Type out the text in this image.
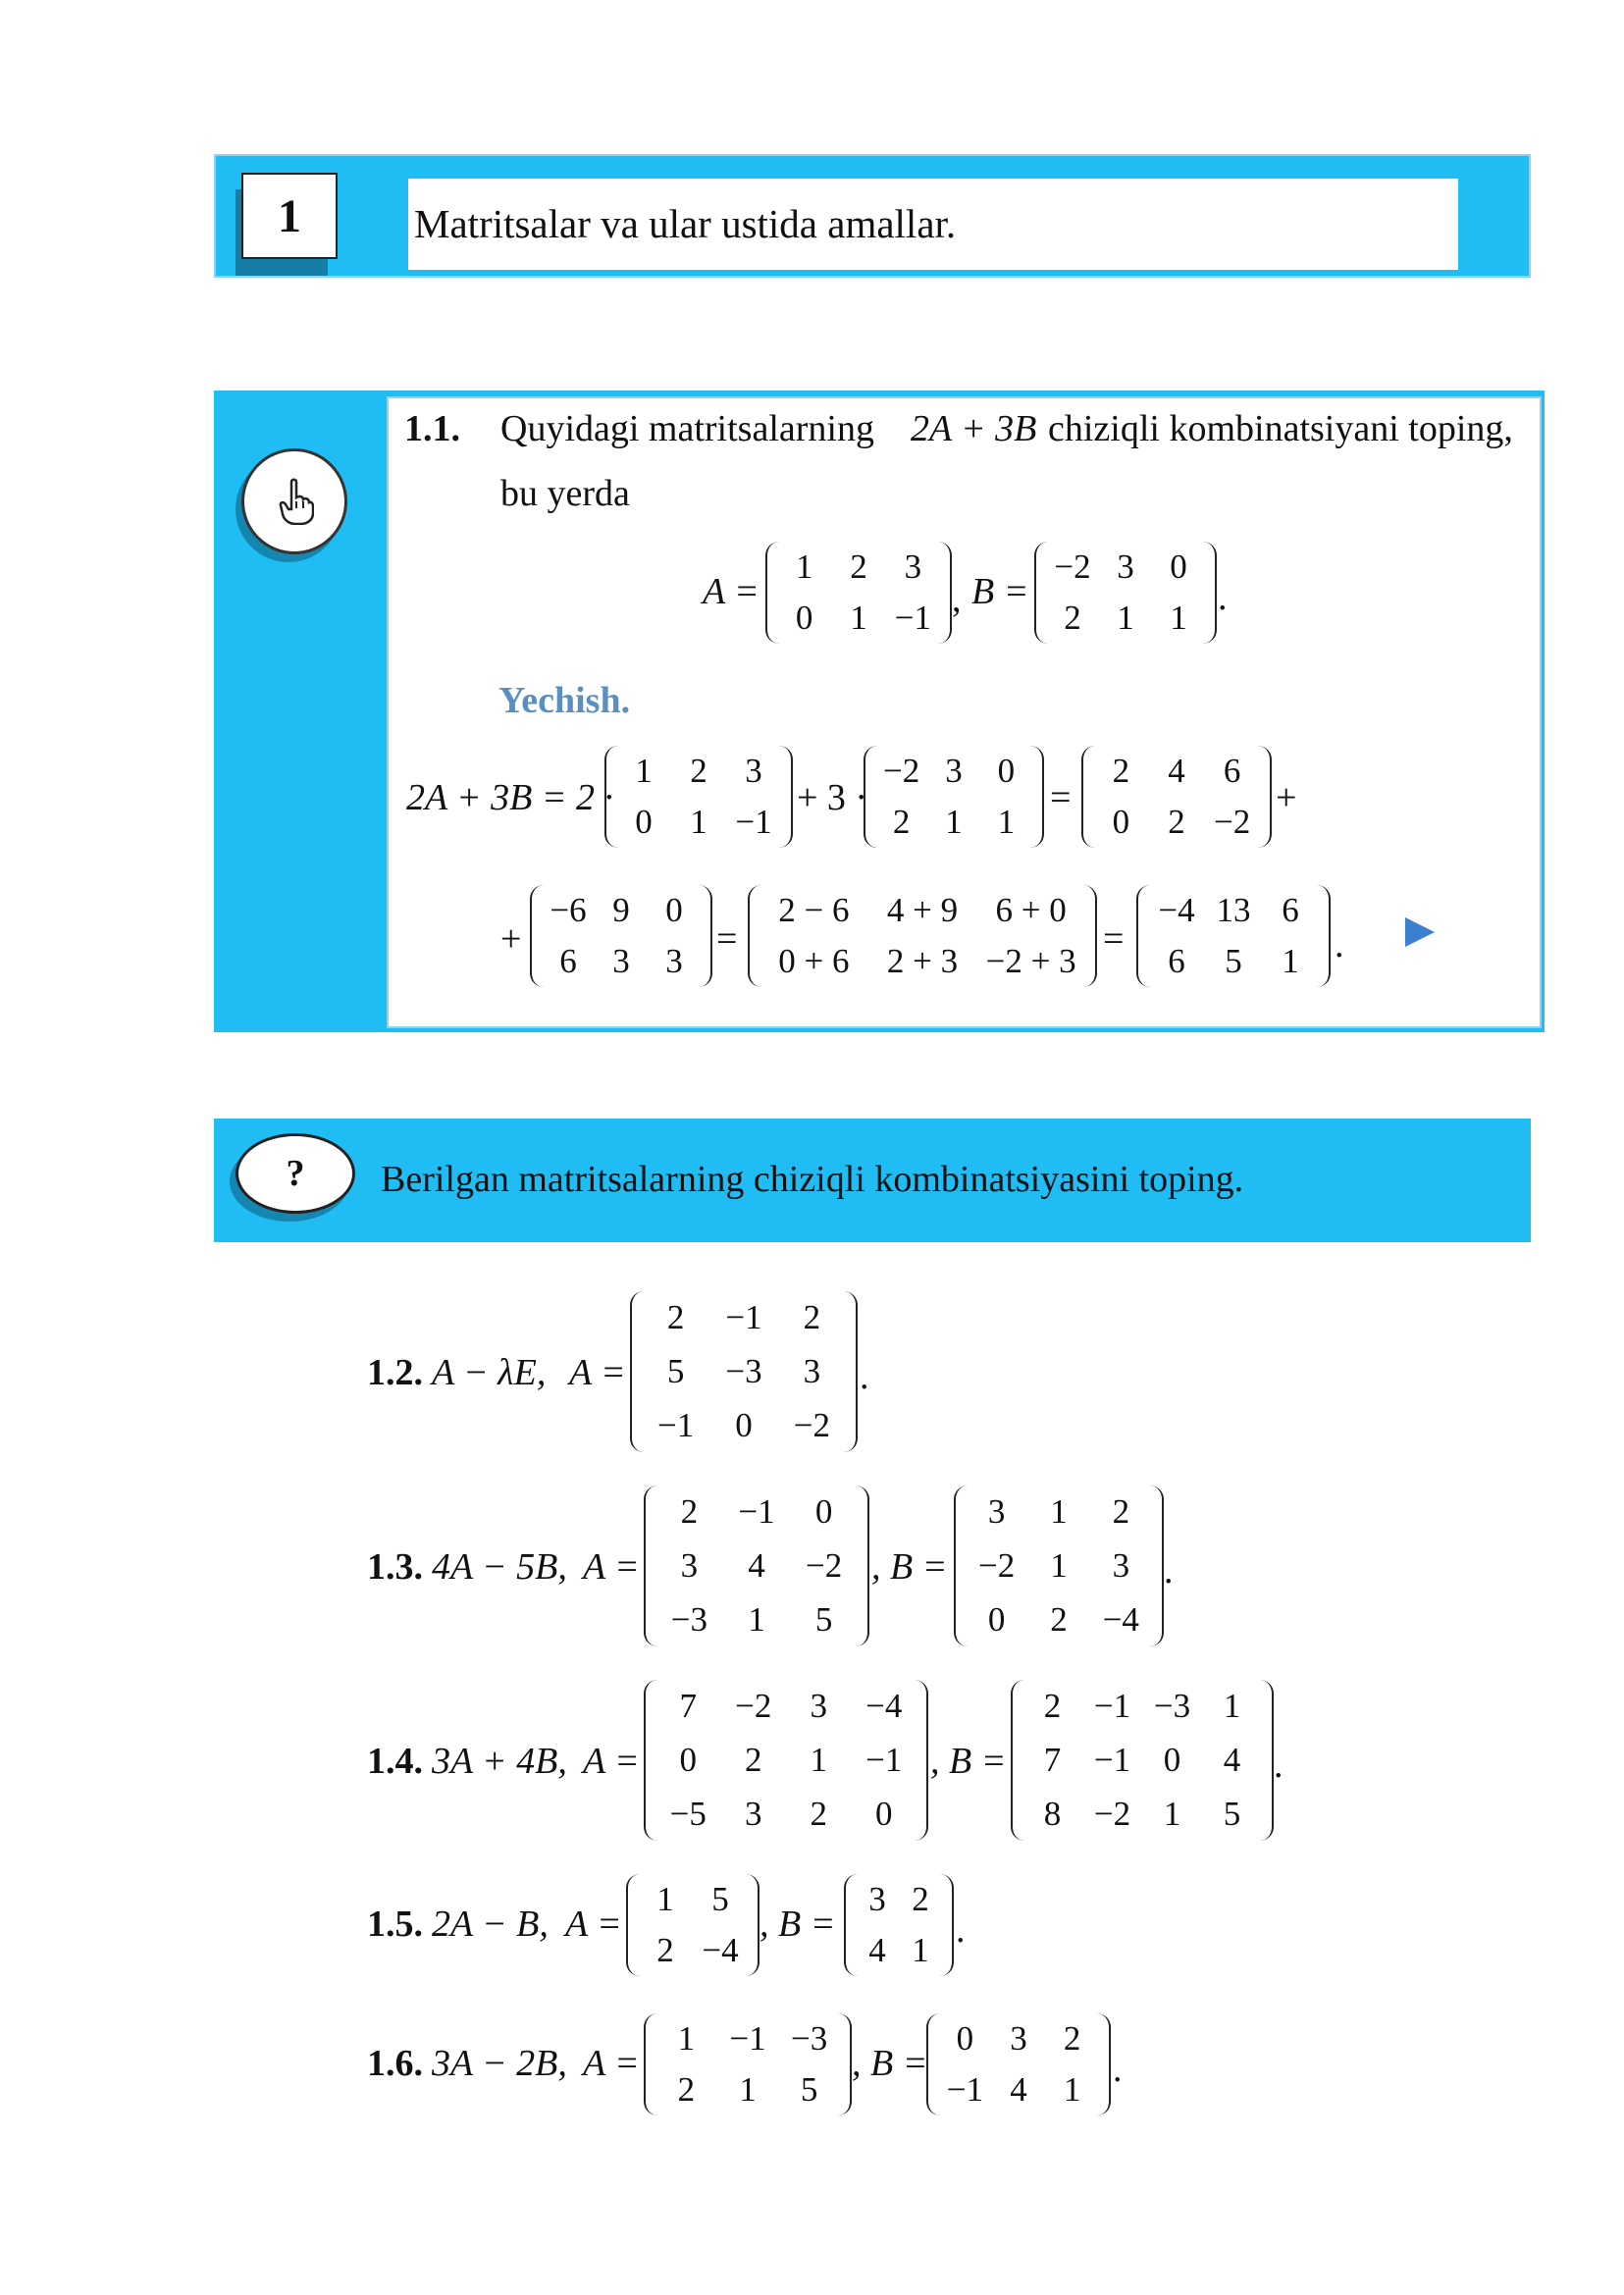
1	Matritsalar va ular ustida amallar.
1.1. Quyidagi matritsalarning 2A + 3B chiziqli kombinatsiyani toping,
bu yerda
A =
1 2 3
0 1 −1 , B =
−2 3 0
2 1 1 .
Yechish.
2A + 3B = 2 ·
1 2 3
0 1 −1
+ 3 ·
−2 3 0
2 1 1
=
2 4 6
0 2 −2
+
+
−6 9 0
6 3 3
=
2 − 6 4 + 9 6 + 0
0 + 6 2 + 3 −2 + 3
=
−4 13 6
6 5 1 .
?	Berilgan matritsalarning chiziqli kombinatsiyasini toping.
1.2. A − λE, A =
2 −1 2
5 −3 3
−1 0 −2
.
1.3. 4A − 5B, A =
2 −1 0
3 4 −2
−3 1 5
, B =
3 1 2
−2 1 3
0 2 −4
.
1.4. 3A + 4B, A =
7 −2 3 −4
0 2 1 −1
−5 3 2 0
, B =
2 −1 −3 1
7 −1 0 4
8 −2 1 5
.
1.5. 2A − B, A =
1 5
2 −4
, B =
3 2
4 1 .
1.6. 3A − 2B, A =
1 −1 −3
2 1 5
, B =
0 3 2
−1 4 1 .
